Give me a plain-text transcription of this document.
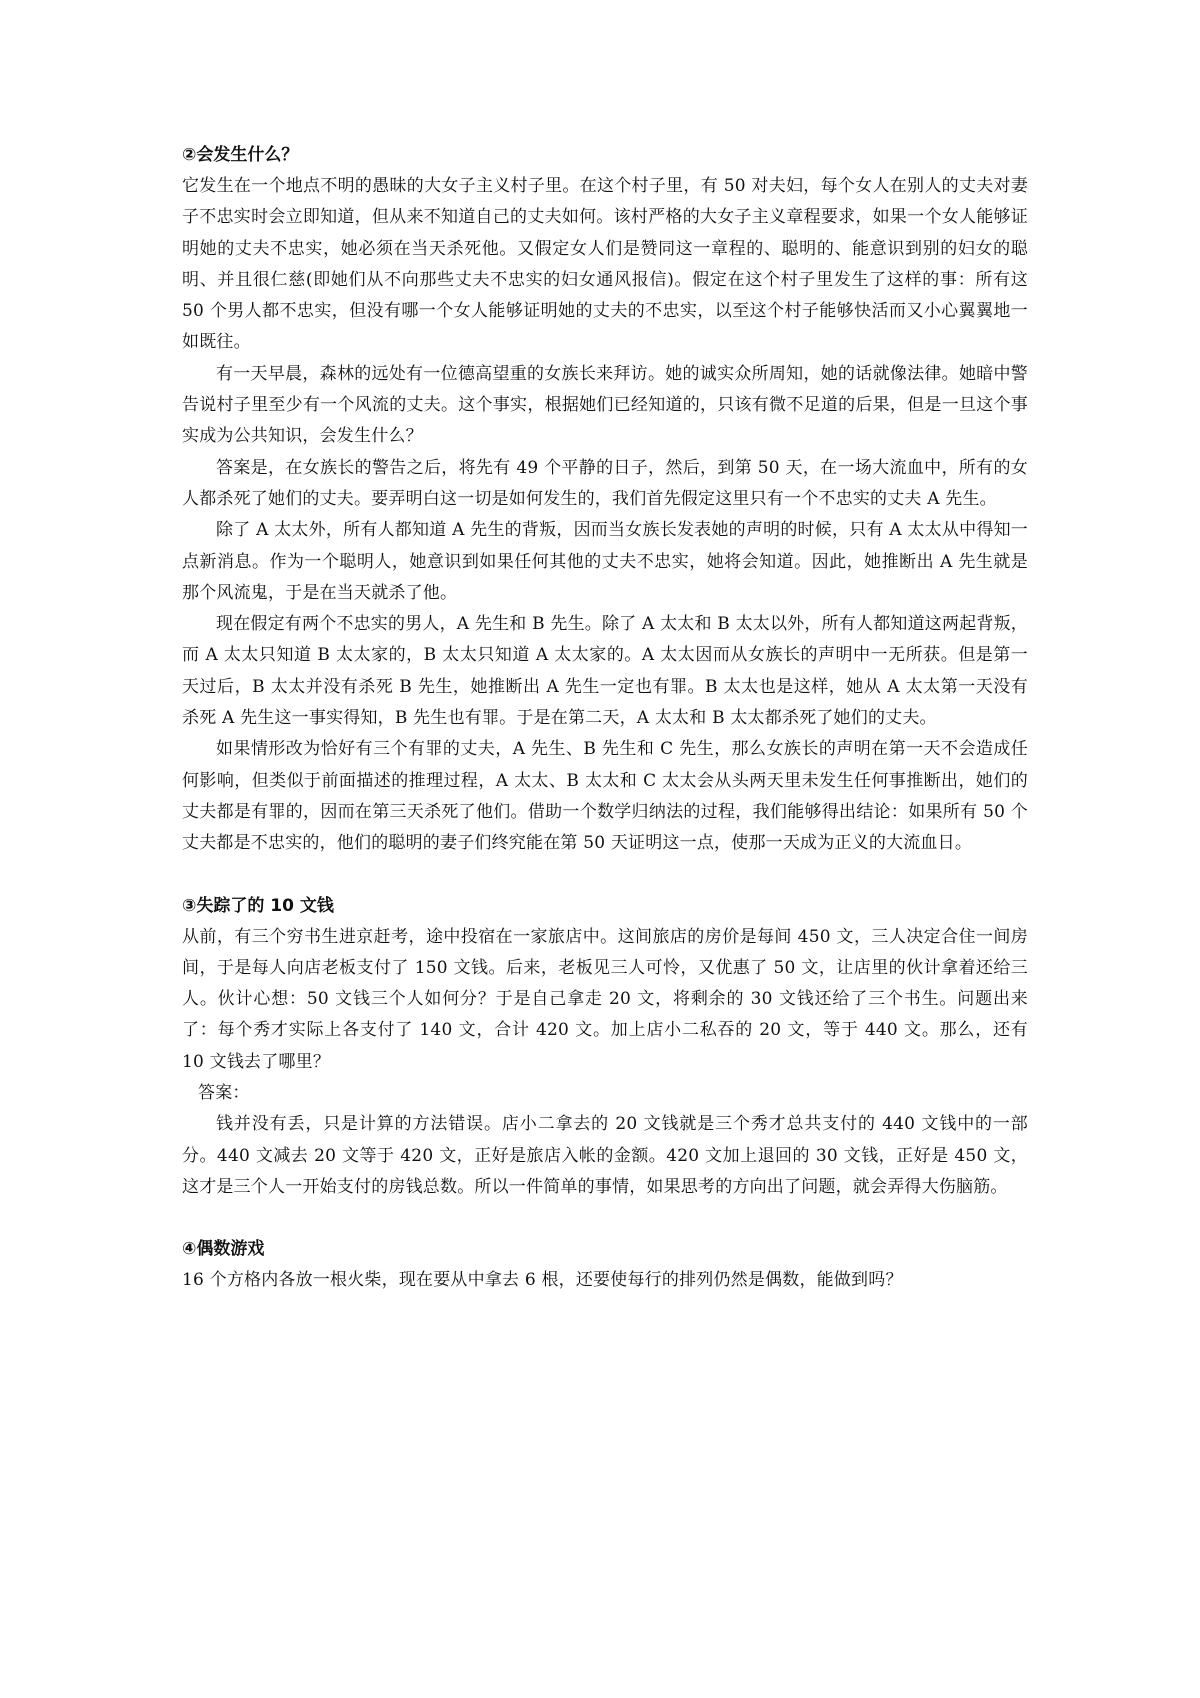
②会发生什么？

它发生在一个地点不明的愚昧的大女子主义村子里。在这个村子里，有 50 对夫妇，每个女人在别人的丈夫对妻子不忠实时会立即知道，但从来不知道自己的丈夫如何。该村严格的大女子主义章程要求，如果一个女人能够证明她的丈夫不忠实，她必须在当天杀死他。又假定女人们是赞同这一章程的、聪明的、能意识到别的妇女的聪明、并且很仁慈(即她们从不向那些丈夫不忠实的妇女通风报信)。假定在这个村子里发生了这样的事：所有这 50 个男人都不忠实，但没有哪一个女人能够证明她的丈夫的不忠实，以至这个村子能够快活而又小心翼翼地一如既往。

有一天早晨，森林的远处有一位德高望重的女族长来拜访。她的诚实众所周知，她的话就像法律。她暗中警告说村子里至少有一个风流的丈夫。这个事实，根据她们已经知道的，只该有微不足道的后果，但是一旦这个事实成为公共知识，会发生什么？

答案是，在女族长的警告之后，将先有 49 个平静的日子，然后，到第 50 天，在一场大流血中，所有的女人都杀死了她们的丈夫。要弄明白这一切是如何发生的，我们首先假定这里只有一个不忠实的丈夫 A 先生。

除了 A 太太外，所有人都知道 A 先生的背叛，因而当女族长发表她的声明的时候，只有 A 太太从中得知一点新消息。作为一个聪明人，她意识到如果任何其他的丈夫不忠实，她将会知道。因此，她推断出 A 先生就是那个风流鬼，于是在当天就杀了他。

现在假定有两个不忠实的男人，A 先生和 B 先生。除了 A 太太和 B 太太以外，所有人都知道这两起背叛，而 A 太太只知道 B 太太家的，B 太太只知道 A 太太家的。A 太太因而从女族长的声明中一无所获。但是第一天过后，B 太太并没有杀死 B 先生，她推断出 A 先生一定也有罪。B 太太也是这样，她从 A 太太第一天没有杀死 A 先生这一事实得知，B 先生也有罪。于是在第二天，A 太太和 B 太太都杀死了她们的丈夫。

如果情形改为恰好有三个有罪的丈夫，A 先生、B 先生和 C 先生，那么女族长的声明在第一天不会造成任何影响，但类似于前面描述的推理过程，A 太太、B 太太和 C 太太会从头两天里未发生任何事推断出，她们的丈夫都是有罪的，因而在第三天杀死了他们。借助一个数学归纳法的过程，我们能够得出结论：如果所有 50 个丈夫都是不忠实的，他们的聪明的妻子们终究能在第 50 天证明这一点，使那一天成为正义的大流血日。

③失踪了的 10 文钱

从前，有三个穷书生进京赶考，途中投宿在一家旅店中。这间旅店的房价是每间 450 文，三人决定合住一间房间，于是每人向店老板支付了 150 文钱。后来，老板见三人可怜，又优惠了 50 文，让店里的伙计拿着还给三人。伙计心想：50 文钱三个人如何分？于是自己拿走 20 文，将剩余的 30 文钱还给了三个书生。问题出来了：每个秀才实际上各支付了 140 文，合计 420 文。加上店小二私吞的 20 文，等于 440 文。那么，还有 10 文钱去了哪里？

答案：

钱并没有丢，只是计算的方法错误。店小二拿去的 20 文钱就是三个秀才总共支付的 440 文钱中的一部分。440 文减去 20 文等于 420 文，正好是旅店入帐的金额。420 文加上退回的 30 文钱，正好是 450 文，这才是三个人一开始支付的房钱总数。所以一件简单的事情，如果思考的方向出了问题，就会弄得大伤脑筋。

④偶数游戏

16 个方格内各放一根火柴，现在要从中拿去 6 根，还要使每行的排列仍然是偶数，能做到吗？
